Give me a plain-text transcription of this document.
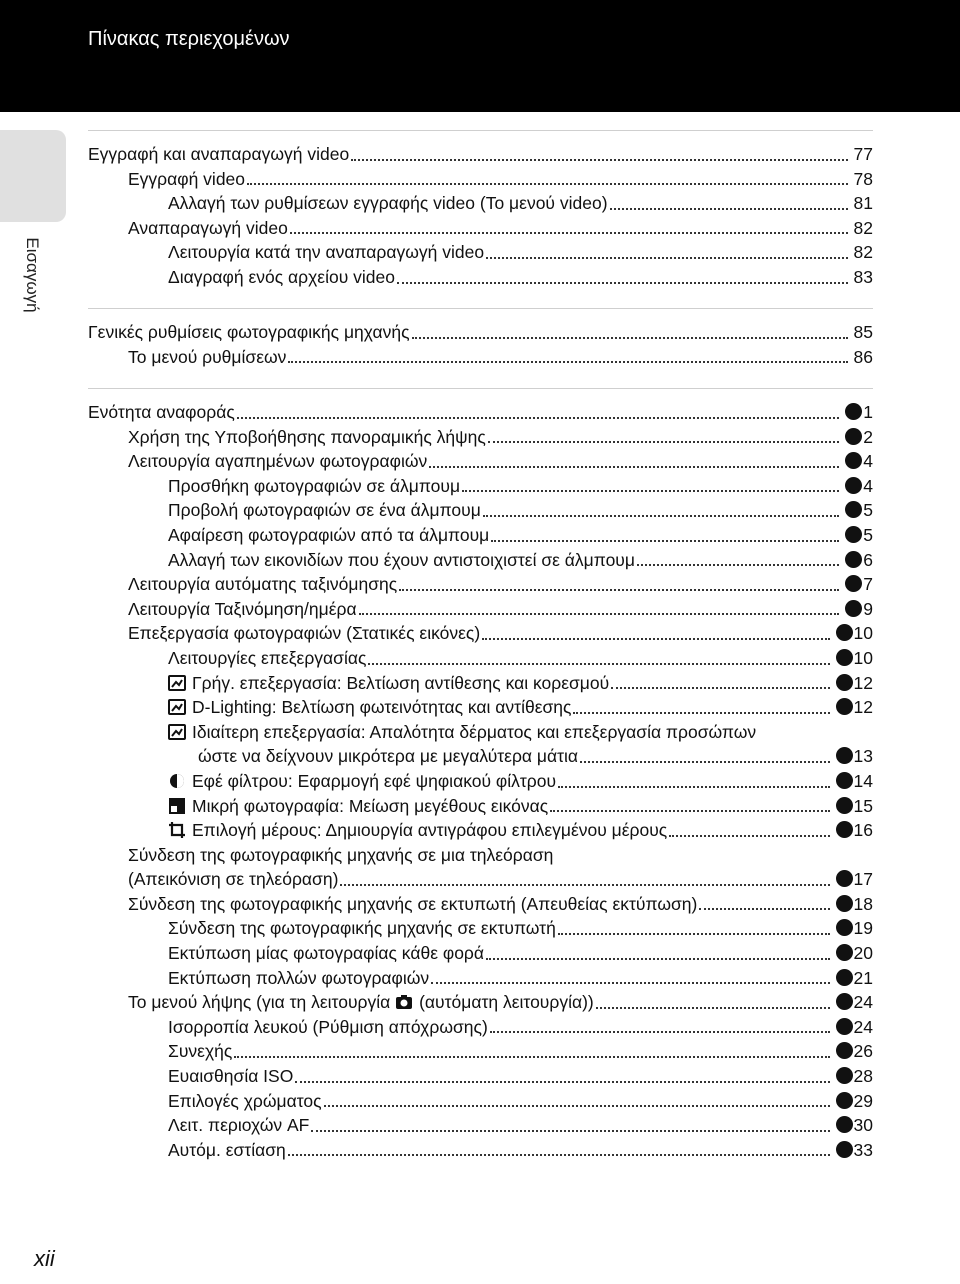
Πίνακας περιεχομένων
Εισαγωγή
Εγγραφή και αναπαραγωγή video	77
Εγγραφή video	78
Αλλαγή των ρυθμίσεων εγγραφής video (Το μενού video)	81
Αναπαραγωγή video	82
Λειτουργία κατά την αναπαραγωγή video	82
Διαγραφή ενός αρχείου video	83
Γενικές ρυθμίσεις φωτογραφικής μηχανής	85
Το μενού ρυθμίσεων	86
Ενότητα αναφοράς	1
Χρήση της Υποβοήθησης πανοραμικής λήψης	2
Λειτουργία αγαπημένων φωτογραφιών	4
Προσθήκη φωτογραφιών σε άλμπουμ	4
Προβολή φωτογραφιών σε ένα άλμπουμ	5
Αφαίρεση φωτογραφιών από τα άλμπουμ	5
Αλλαγή των εικονιδίων που έχουν αντιστοιχιστεί σε άλμπουμ	6
Λειτουργία αυτόματης ταξινόμησης	7
Λειτουργία Ταξινόμηση/ημέρα	9
Επεξεργασία φωτογραφιών (Στατικές εικόνες)	10
Λειτουργίες επεξεργασίας	10
Γρήγ. επεξεργασία: Βελτίωση αντίθεσης και κορεσμού	12
D-Lighting: Βελτίωση φωτεινότητας και αντίθεσης	12
Ιδιαίτερη επεξεργασία: Απαλότητα δέρματος και επεξεργασία προσώπων
ώστε να δείχνουν μικρότερα με μεγαλύτερα μάτια	13
Εφέ φίλτρου: Εφαρμογή εφέ ψηφιακού φίλτρου	14
Μικρή φωτογραφία: Μείωση μεγέθους εικόνας	15
Επιλογή μέρους: Δημιουργία αντιγράφου επιλεγμένου μέρους	16
Σύνδεση της φωτογραφικής μηχανής σε μια τηλεόραση
(Απεικόνιση σε τηλεόραση)	17
Σύνδεση της φωτογραφικής μηχανής σε εκτυπωτή (Απευθείας εκτύπωση)	18
Σύνδεση της φωτογραφικής μηχανής σε εκτυπωτή	19
Εκτύπωση μίας φωτογραφίας κάθε φορά	20
Εκτύπωση πολλών φωτογραφιών	21
Το μενού λήψης (για τη λειτουργία (αυτόματη λειτουργία))	24
Ισορροπία λευκού (Ρύθμιση απόχρωσης)	24
Συνεχής	26
Ευαισθησία ISO	28
Επιλογές χρώματος	29
Λειτ. περιοχών AF	30
Αυτόμ. εστίαση	33
xii
